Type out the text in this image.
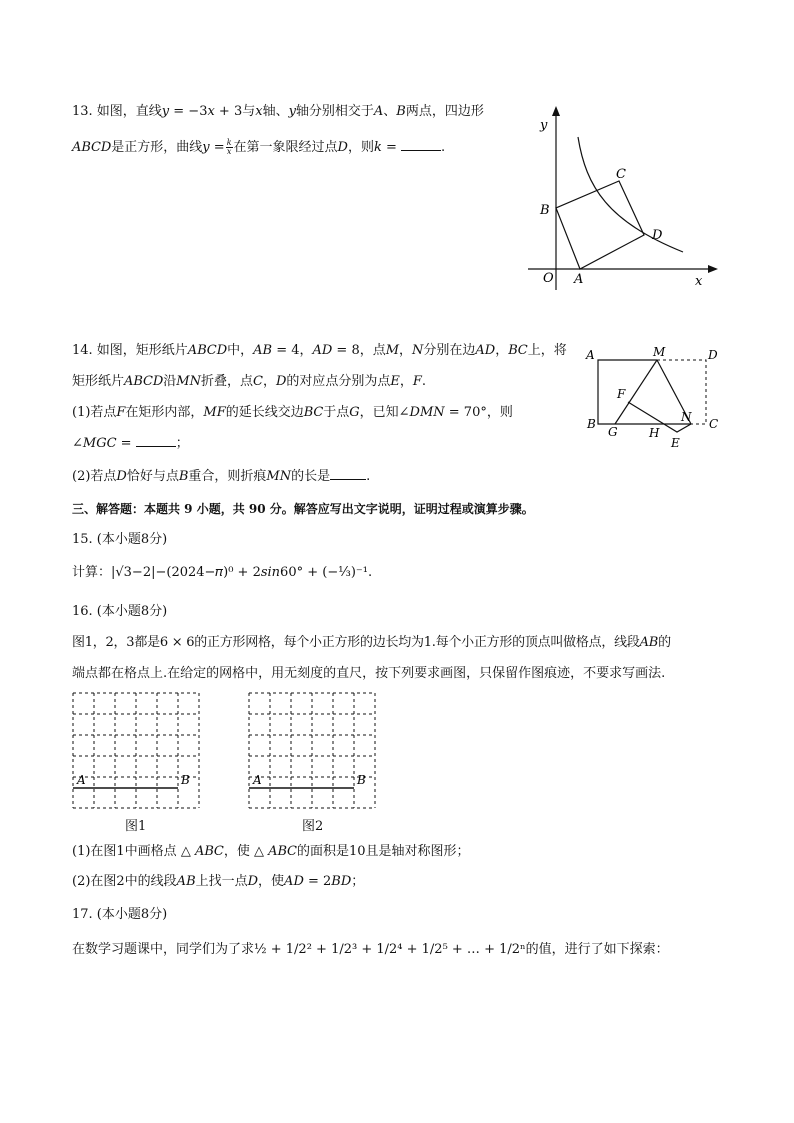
13. 如图，直线𝑦 = −3𝑥 + 3与𝑥轴、𝑦轴分别相交于𝐴、𝐵两点，四边形
𝐴𝐵𝐶𝐷是正方形，曲线𝑦 = $\frac{\text{𝑘}}{\text{𝑥}}$ 在第一象限经过点𝐷，则𝑘 =	.
y
x
O A
B
C
D
14. 如图，矩形纸片𝐴𝐵𝐶𝐷中，𝐴𝐵 = 4，𝐴𝐷 = 8，点𝑀，𝑁分别在边𝐴𝐷，𝐵𝐶上，将
矩形纸片𝐴𝐵𝐶𝐷沿𝑀𝑁折叠，点𝐶，𝐷的对应点分别为点𝐸，𝐹.
(1)若点𝐹在矩形内部，𝑀𝐹的延长线交边𝐵𝐶于点𝐺，已知∠𝐷𝑀𝑁 = 70°，则
∠𝑀𝐺𝐶 =	；
(2)若点𝐷恰好与点𝐵重合，则折痕𝑀𝑁的长是	.
A	M	D
F
N
B
G	H
C
E
三、解答题：本题共 9 小题，共 90 分。解答应写出文字说明，证明过程或演算步骤。
15. (本小题8分)
计算：|√3−2|−(2024−𝜋)⁰ + 2𝑠𝑖𝑛60° + (−⅓)⁻¹.
16. (本小题8分)
图1，2，3都是6 × 6的正方形网格，每个小正方形的边长均为1.每个小正方形的顶点叫做格点，线段𝐴𝐵的
端点都在格点上.在给定的网格中，用无刻度的直尺，按下列要求画图，只保留作图痕迹，不要求写画法.
A	B
图1
A	B
图2
(1)在图1中画格点 △ 𝐴𝐵𝐶，使 △ 𝐴𝐵𝐶的面积是10且是轴对称图形；
(2)在图2中的线段𝐴𝐵上找一点𝐷，使𝐴𝐷 = 2𝐵𝐷；
17. (本小题8分)
在数学习题课中，同学们为了求½ + 1/2² + 1/2³ + 1/2⁴ + 1/2⁵ + … + 1/2ⁿ的值，进行了如下探索：
